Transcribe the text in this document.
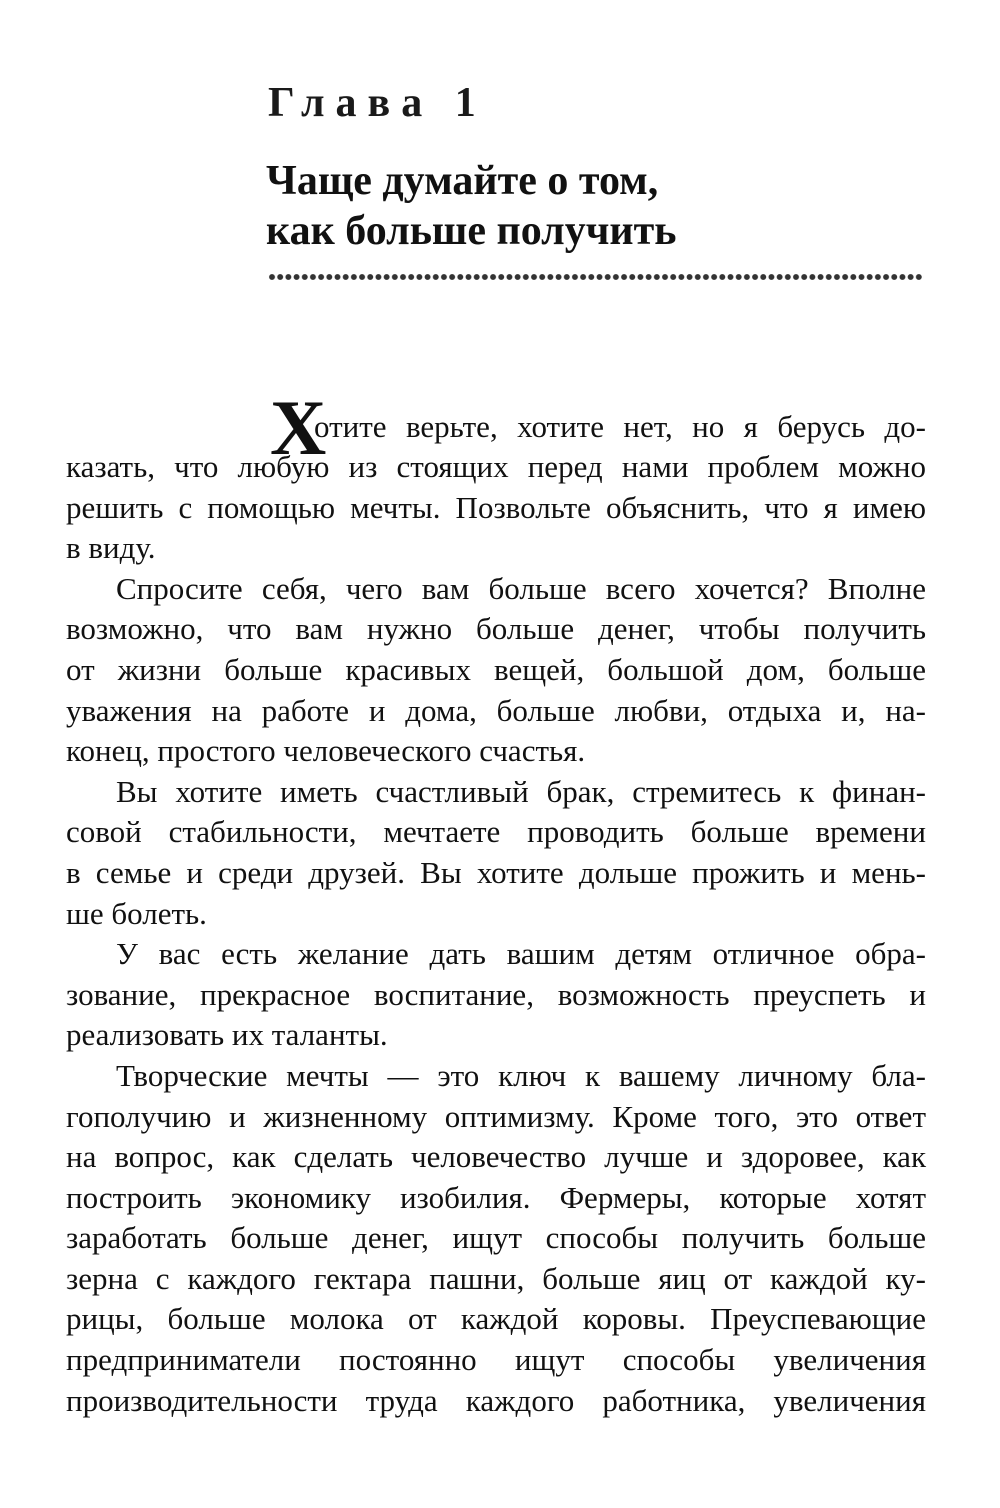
Глава 1
Чаще думайте о том,
как больше получить
Х
отите верьте, хотите нет, но я берусь до-
казать, что любую из стоящих перед нами проблем можно
решить с помощью мечты. Позвольте объяснить, что я имею
в виду.
Спросите себя, чего вам больше всего хочется? Вполне
возможно, что вам нужно больше денег, чтобы получить
от жизни больше красивых вещей, большой дом, больше
уважения на работе и дома, больше любви, отдыха и, на-
конец, простого человеческого счастья.
Вы хотите иметь счастливый брак, стремитесь к финан-
совой стабильности, мечтаете проводить больше времени
в семье и среди друзей. Вы хотите дольше прожить и мень-
ше болеть.
У вас есть желание дать вашим детям отличное обра-
зование, прекрасное воспитание, возможность преуспеть и
реализовать их таланты.
Творческие мечты — это ключ к вашему личному бла-
гополучию и жизненному оптимизму. Кроме того, это ответ
на вопрос, как сделать человечество лучше и здоровее, как
построить экономику изобилия. Фермеры, которые хотят
заработать больше денег, ищут способы получить больше
зерна с каждого гектара пашни, больше яиц от каждой ку-
рицы, больше молока от каждой коровы. Преуспевающие
предприниматели постоянно ищут способы увеличения
производительности труда каждого работника, увеличения
